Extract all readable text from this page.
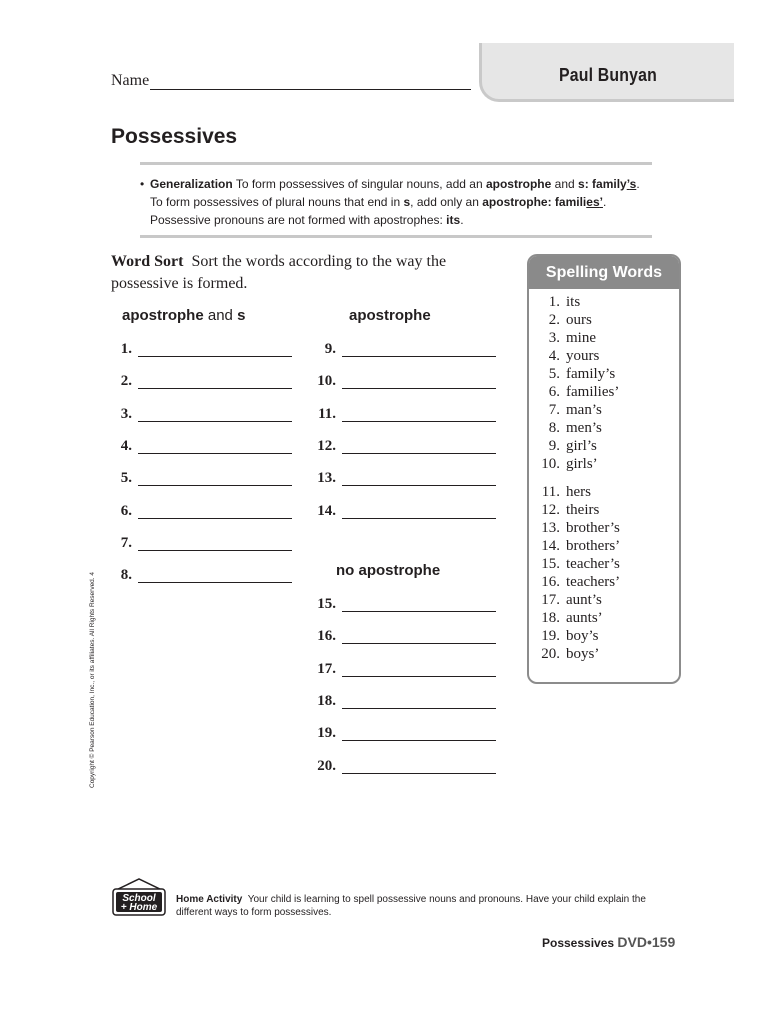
Name	Paul Bunyan
Possessives
• Generalization To form possessives of singular nouns, add an apostrophe and s: family’s. To form possessives of plural nouns that end in s, add only an apostrophe: families’. Possessive pronouns are not formed with apostrophes: its.
Word Sort Sort the words according to the way the possessive is formed.
apostrophe and s	apostrophe
no apostrophe
1.
2.
3.
4.
5.
6.
7.
8.
9.
10.
11.
12.
13.
14.
15.
16.
17.
18.
19.
20.
Spelling Words
1. its
2. ours
3. mine
4. yours
5. family’s
6. families’
7. man’s
8. men’s
9. girl’s
10. girls’
11. hers
12. theirs
13. brother’s
14. brothers’
15. teacher’s
16. teachers’
17. aunt’s
18. aunts’
19. boy’s
20. boys’
Copyright © Pearson Education, Inc., or its affiliates. All Rights Reserved. 4
School
+ Home
Home Activity Your child is learning to spell possessive nouns and pronouns. Have your child explain the different ways to form possessives.
Possessives DVD•159
